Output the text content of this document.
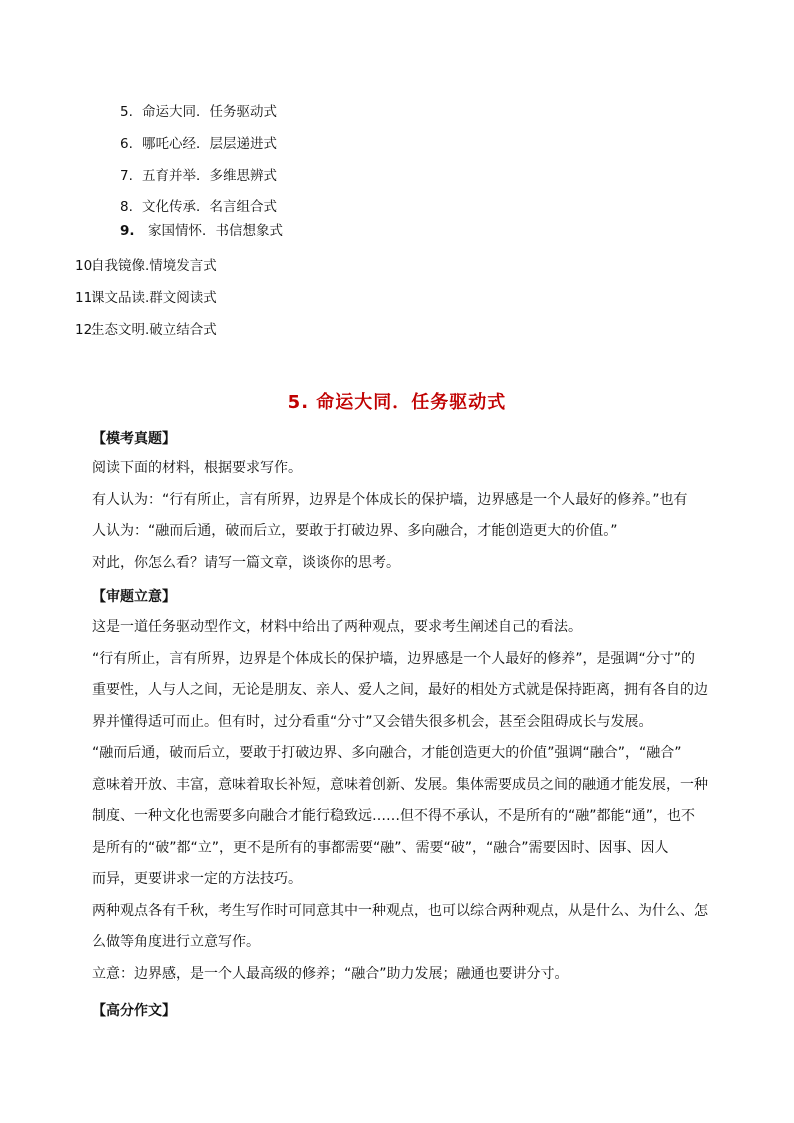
5. 命运大同．任务驱动式
6. 哪吒心经．层层递进式
7. 五育并举．多维思辨式
8. 文化传承．名言组合式
9. 家国情怀．书信想象式
10.自我镜像.情境发言式
11.课文品读.群文阅读式
12.生态文明.破立结合式
5. 命运大同．任务驱动式
【模考真题】

阅读下面的材料，根据要求写作。

有人认为：“行有所止，言有所界，边界是个体成长的保护墙，边界感是一个人最好的修养。”也有

人认为：“融而后通，破而后立，要敢于打破边界、多向融合，才能创造更大的价值。”

对此，你怎么看？请写一篇文章，谈谈你的思考。

【审题立意】

这是一道任务驱动型作文，材料中给出了两种观点，要求考生阐述自己的看法。

“行有所止，言有所界，边界是个体成长的保护墙，边界感是一个人最好的修养”，是强调“分寸”的

重要性，人与人之间，无论是朋友、亲人、爱人之间，最好的相处方式就是保持距离，拥有各自的边

界并懂得适可而止。但有时，过分看重“分寸”又会错失很多机会，甚至会阻碍成长与发展。

“融而后通，破而后立，要敢于打破边界、多向融合，才能创造更大的价值”强调“融合”，“融合”

意味着开放、丰富，意味着取长补短，意味着创新、发展。集体需要成员之间的融通才能发展，一种

制度、一种文化也需要多向融合才能行稳致远……但不得不承认，不是所有的“融”都能“通”，也不

是所有的“破”都“立”，更不是所有的事都需要“融”、需要“破”，“融合”需要因时、因事、因人

而异，更要讲求一定的方法技巧。

两种观点各有千秋，考生写作时可同意其中一种观点，也可以综合两种观点，从是什么、为什么、怎

么做等角度进行立意写作。

立意：边界感，是一个人最高级的修养；“融合”助力发展；融通也要讲分寸。

【高分作文】
